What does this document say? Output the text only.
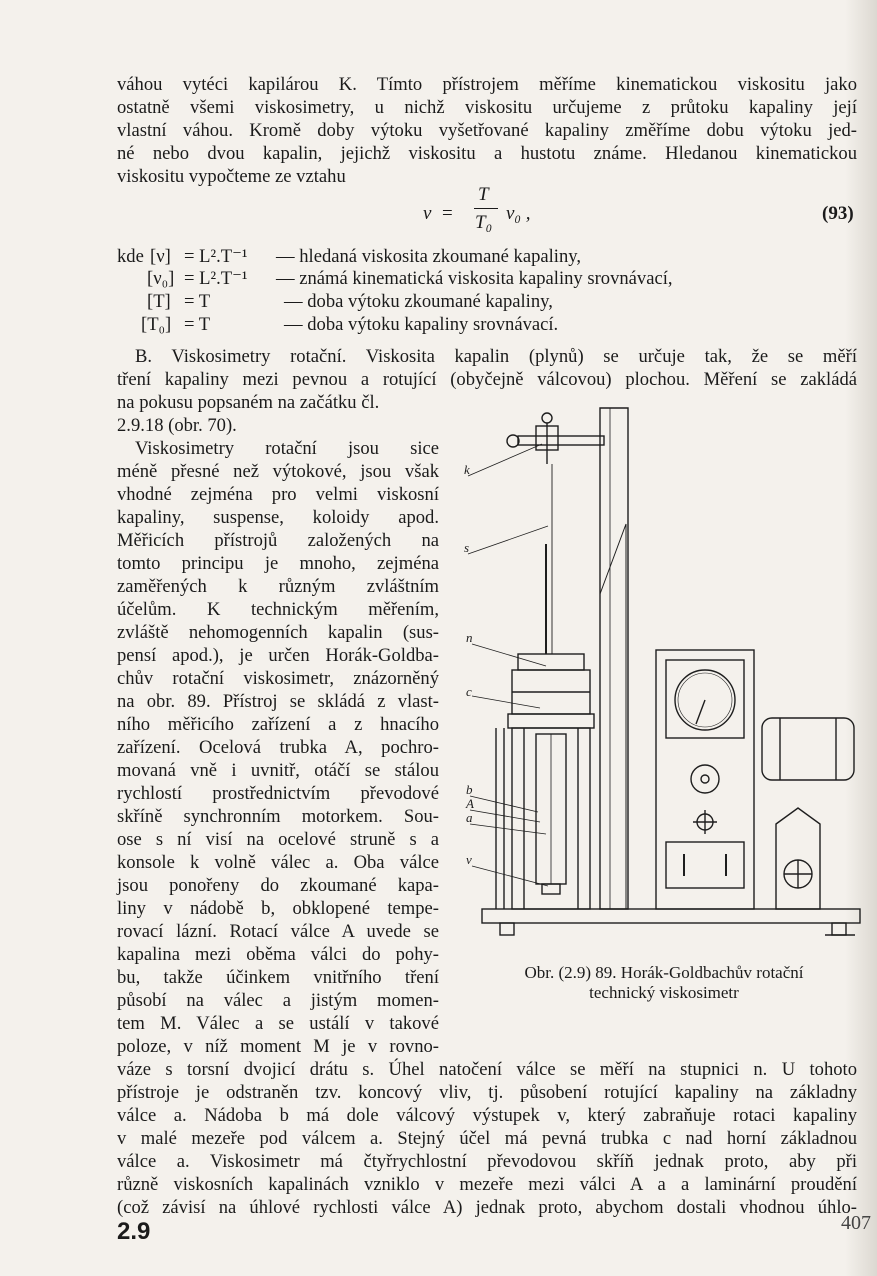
váhou vytéci kapilárou K. Tímto přístrojem měříme kinematickou viskositu jako
ostatně všemi viskosimetry, u nichž viskositu určujeme z průtoku kapaliny její
vlastní váhou. Kromě doby výtoku vyšetřované kapaliny změříme dobu výtoku jed-
né nebo dvou kapalin, jejichž viskositu a hustotu známe. Hledanou kinematickou
viskositu vypočteme ze vztahu
ν =
T
T₀ ν₀ ,	(93)
kde [ν] = L².T⁻¹ — hledaná viskosita zkoumané kapaliny,
[ν₀] = L².T⁻¹ — známá kinematická viskosita kapaliny srovnávací,
[T] = T	— doba výtoku zkoumané kapaliny,
[T₀] = T	— doba výtoku kapaliny srovnávací.
B. Viskosimetry rotační. Viskosita kapalin (plynů) se určuje tak, že se měří
tření kapaliny mezi pevnou a rotující (obyčejně válcovou) plochou. Měření se zakládá
na pokusu popsaném na začátku čl.
2.9.18 (obr. 70).
Viskosimetry rotační jsou sice
méně přesné než výtokové, jsou však
vhodné zejména pro velmi viskosní
kapaliny, suspense, koloidy apod.
Měřicích přístrojů založených na
tomto principu je mnoho, zejména
zaměřených k různým zvláštním
účelům. K technickým měřením,
zvláště nehomogenních kapalin (sus-
pensí apod.), je určen Horák-Goldba-
chův rotační viskosimetr, znázorněný
na obr. 89. Přístroj se skládá z vlast-
ního měřicího zařízení a z hnacího
zařízení. Ocelová trubka A, pochro-
movaná vně i uvnitř, otáčí se stálou
rychlostí prostřednictvím převodové
skříně synchronním motorkem. Sou-
ose s ní visí na ocelové struně s a
konsole k volně válec a. Oba válce
jsou ponořeny do zkoumané kapa-
liny v nádobě b, obklopené tempe-
rovací lázní. Rotací válce A uvede se
kapalina mezi oběma válci do pohy-
bu, takže účinkem vnitřního tření
působí na válec a jistým momen-
tem M. Válec a se ustálí v takové
poloze, v níž moment M je v rovno-
k
s
n
c
b
A
a
v
Obr. (2.9) 89. Horák-Goldbachův rotační
technický viskosimetr
váze s torsní dvojicí drátu s. Úhel natočení válce se měří na stupnici n. U tohoto
přístroje je odstraněn tzv. koncový vliv, tj. působení rotující kapaliny na základny
válce a. Nádoba b má dole válcový výstupek v, který zabraňuje rotaci kapaliny
v malé mezeře pod válcem a. Stejný účel má pevná trubka c nad horní základnou
válce a. Viskosimetr má čtyřrychlostní převodovou skříň jednak proto, aby při
různě viskosních kapalinách vzniklo v mezeře mezi válci A a a laminární proudění
(což závisí na úhlové rychlosti válce A) jednak proto, abychom dostali vhodnou úhlo-
2.9	407
